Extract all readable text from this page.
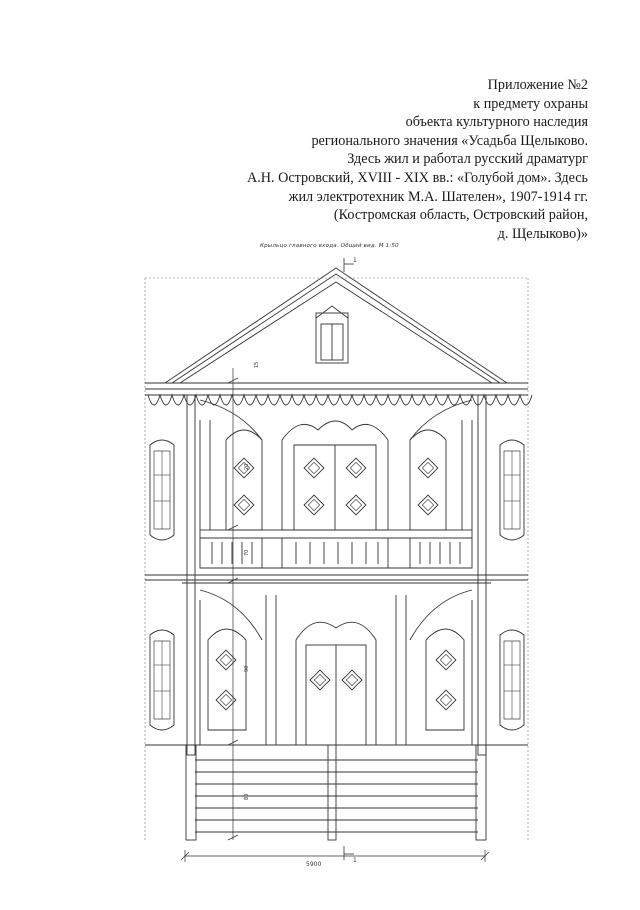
Приложение №2
к предмету охраны
объекта культурного наследия
регионального значения «Усадьба Щелыково.
Здесь жил и работал русский драматург
А.Н. Островский, XVIII - XIX вв.: «Голубой дом». Здесь
жил электротехник М.А. Шателен», 1907-1914 гг.
(Костромская область, Островский район,
д. Щелыково)»
Крыльцо главного входа. Общий вид. М 1:50
1
15
20
70
90
80
5900
1
